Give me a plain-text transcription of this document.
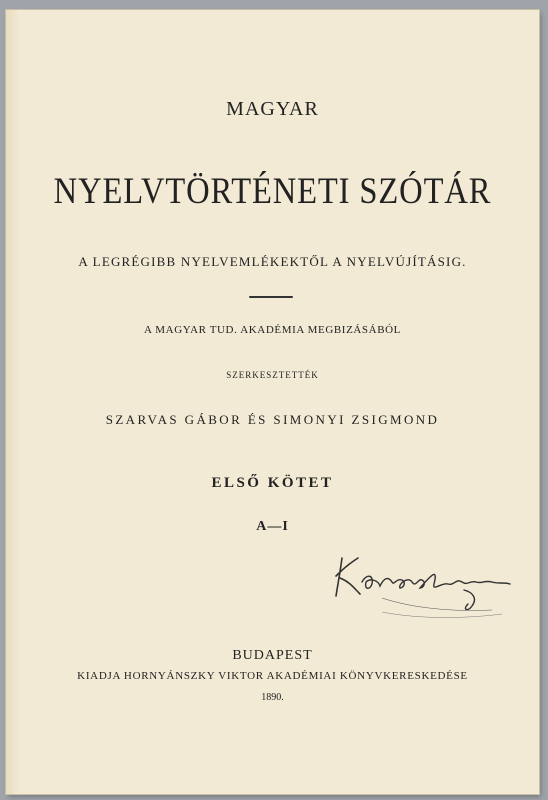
MAGYAR

NYELVTÖRTÉNETI SZÓTÁR

A LEGRÉGIBB NYELVEMLÉKEKTŐL A NYELVÚJÍTÁSIG.

A MAGYAR TUD. AKADÉMIA MEGBIZÁSÁBÓL

SZERKESZTETTÉK

SZARVAS GÁBOR ÉS SIMONYI ZSIGMOND

ELSŐ KÖTET

A—I

BUDAPEST

KIADJA HORNYÁNSZKY VIKTOR AKADÉMIAI KÖNYVKERESKEDÉSE

1890.
